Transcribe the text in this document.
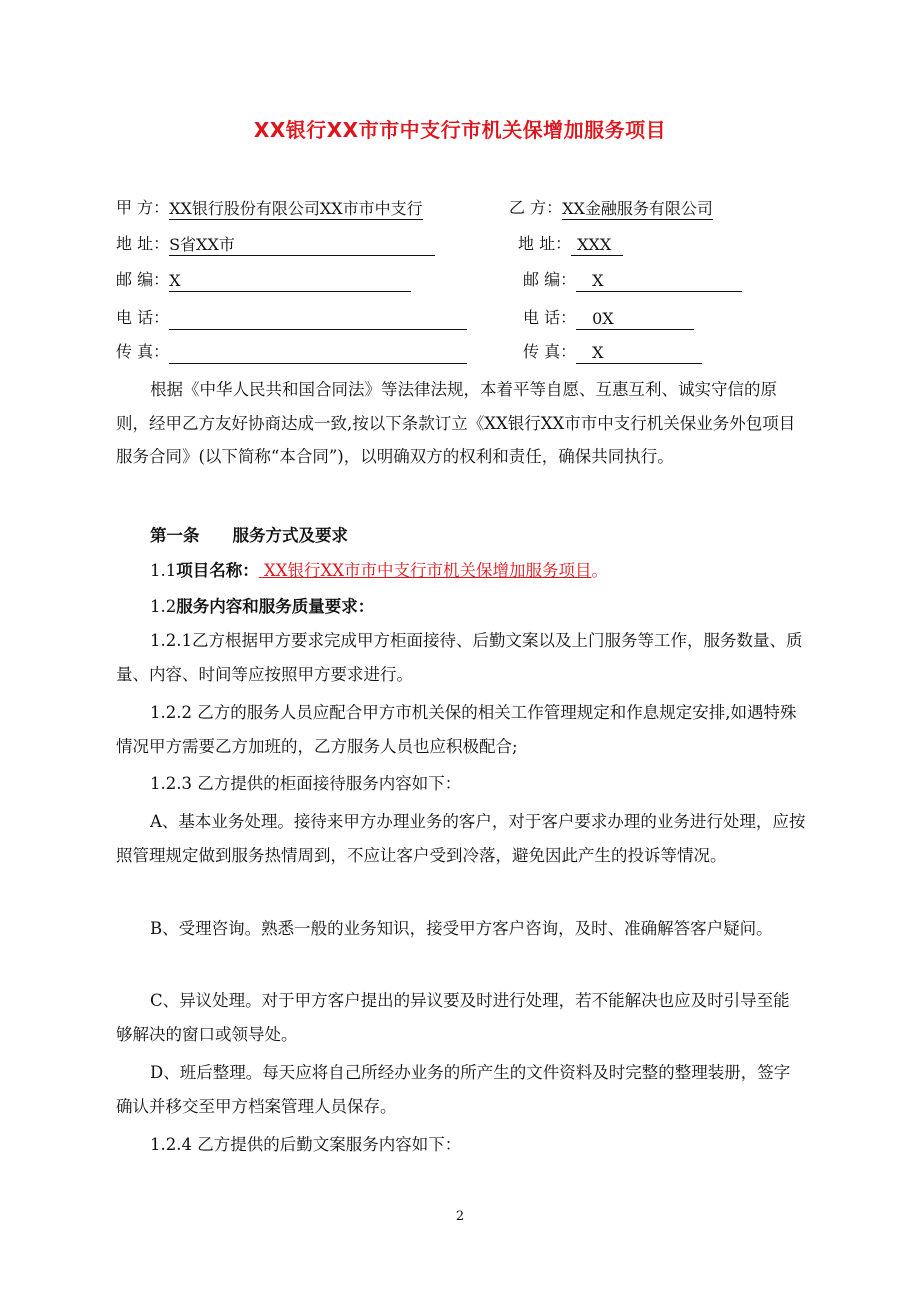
XX银行XX市市中支行市机关保增加服务项目
甲 方：XX银行股份有限公司XX市市中支行
地 址：S省XX市
邮 编：X
电 话：
传 真：
乙 方：XX金融服务有限公司
地 址： XXX
邮 编： X
电 话： 0X
传 真： X
根据《中华人民共和国合同法》等法律法规，本着平等自愿、互惠互利、诚实守信的原则，经甲乙方友好协商达成一致,按以下条款订立《XX银行XX市市中支行机关保业务外包项目服务合同》(以下简称“本合同”)，以明确双方的权利和责任，确保共同执行。
第一条　　服务方式及要求
1.1项目名称： XX银行XX市市中支行市机关保增加服务项目。
1.2服务内容和服务质量要求：
1.2.1乙方根据甲方要求完成甲方柜面接待、后勤文案以及上门服务等工作，服务数量、质量、内容、时间等应按照甲方要求进行。
1.2.2 乙方的服务人员应配合甲方市机关保的相关工作管理规定和作息规定安排,如遇特殊情况甲方需要乙方加班的，乙方服务人员也应积极配合;
1.2.3 乙方提供的柜面接待服务内容如下：
A、基本业务处理。接待来甲方办理业务的客户，对于客户要求办理的业务进行处理，应按照管理规定做到服务热情周到，不应让客户受到冷落，避免因此产生的投诉等情况。
B、受理咨询。熟悉一般的业务知识，接受甲方客户咨询，及时、准确解答客户疑问。
C、异议处理。对于甲方客户提出的异议要及时进行处理，若不能解决也应及时引导至能够解决的窗口或领导处。
D、班后整理。每天应将自己所经办业务的所产生的文件资料及时完整的整理装册，签字确认并移交至甲方档案管理人员保存。
1.2.4 乙方提供的后勤文案服务内容如下：
2
